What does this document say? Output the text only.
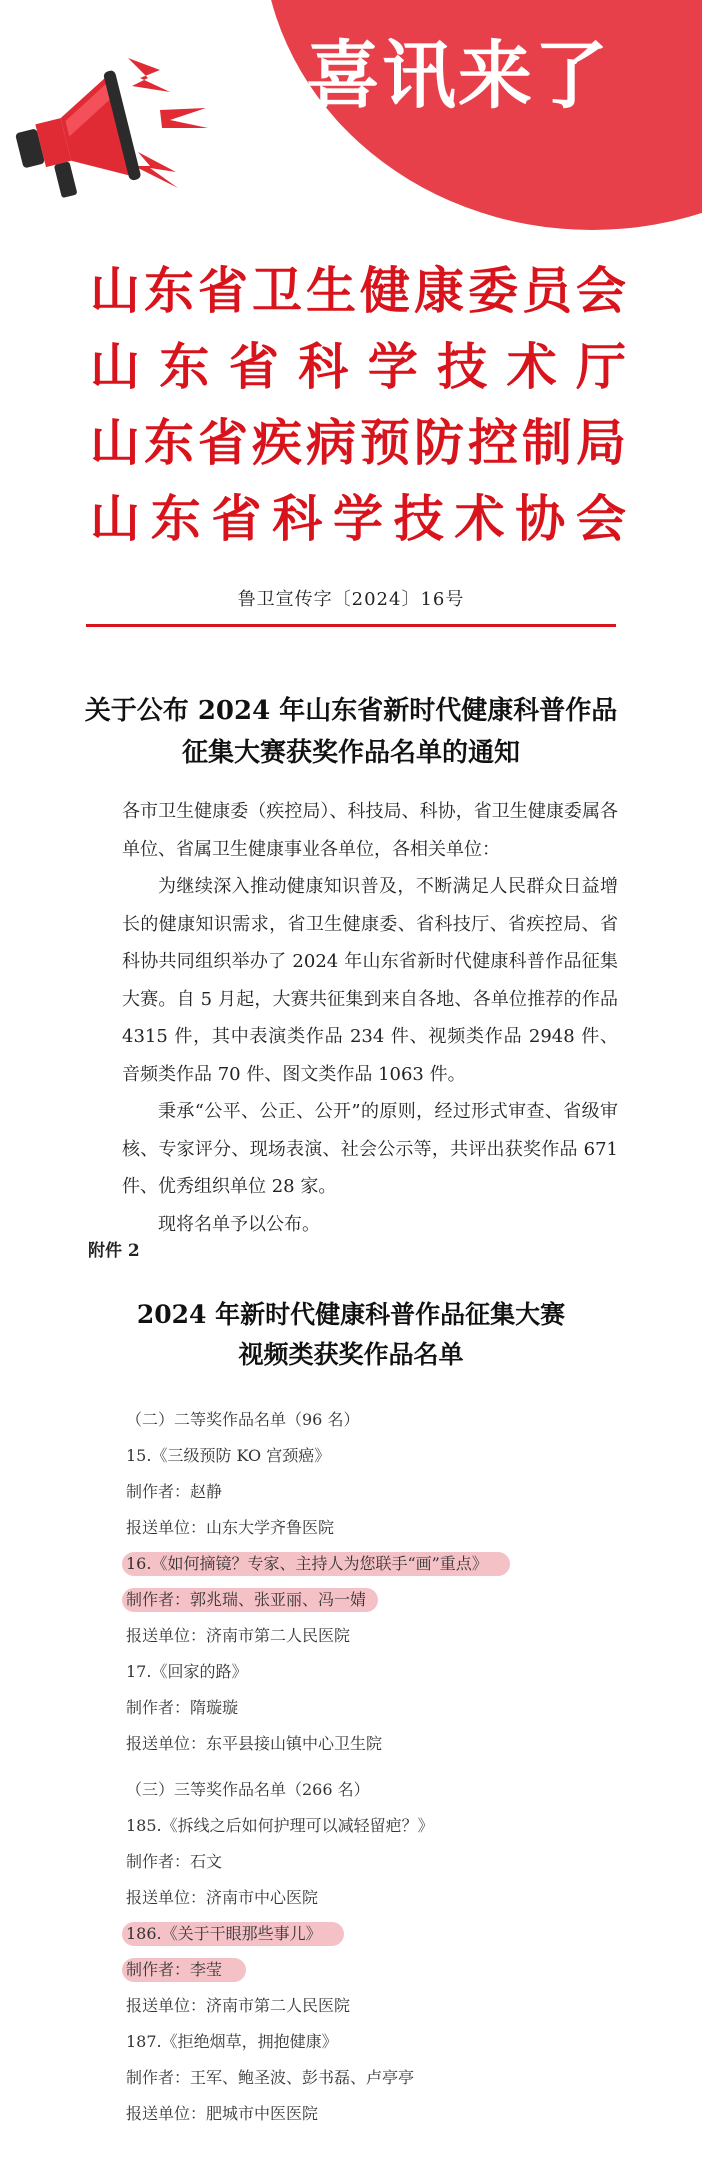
喜讯来了
山东省卫生健康委员会
山东省科学技术厅
山东省疾病预防控制局
山东省科学技术协会
鲁卫宣传字〔2024〕16号
关于公布 2024 年山东省新时代健康科普作品
征集大赛获奖作品名单的通知

各市卫生健康委（疾控局）、科技局、科协，省卫生健康委属各单位、省属卫生健康事业各单位，各相关单位：

为继续深入推动健康知识普及，不断满足人民群众日益增长的健康知识需求，省卫生健康委、省科技厅、省疾控局、省科协共同组织举办了 2024 年山东省新时代健康科普作品征集大赛。自 5 月起，大赛共征集到来自各地、各单位推荐的作品 4315 件，其中表演类作品 234 件、视频类作品 2948 件、音频类作品 70 件、图文类作品 1063 件。

秉承“公平、公正、公开”的原则，经过形式审查、省级审核、专家评分、现场表演、社会公示等，共评出获奖作品 671 件、优秀组织单位 28 家。

现将名单予以公布。

附件 2
2024 年新时代健康科普作品征集大赛
视频类获奖作品名单
（二）二等奖作品名单（96 名）
15.《三级预防 KO 宫颈癌》
制作者：赵静
报送单位：山东大学齐鲁医院
16.《如何摘镜？专家、主持人为您联手“画”重点》
制作者：郭兆瑞、张亚丽、冯一婧
报送单位：济南市第二人民医院
17.《回家的路》
制作者：隋璇璇
报送单位：东平县接山镇中心卫生院
（三）三等奖作品名单（266 名）
185.《拆线之后如何护理可以减轻留疤？》
制作者：石文
报送单位：济南市中心医院
186.《关于干眼那些事儿》
制作者：李莹
报送单位：济南市第二人民医院
187.《拒绝烟草，拥抱健康》
制作者：王军、鲍圣波、彭书磊、卢亭亭
报送单位：肥城市中医医院
